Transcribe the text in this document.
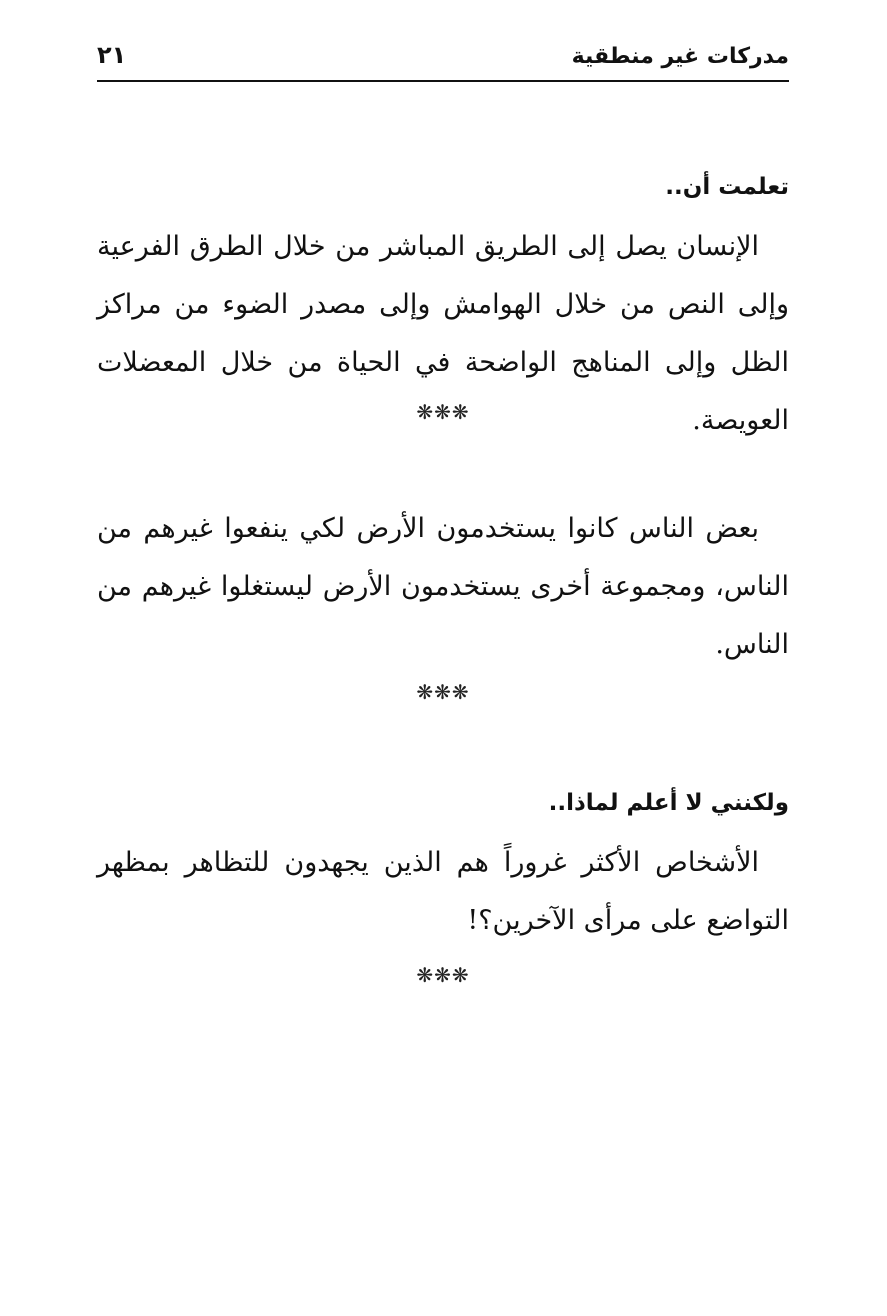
مدركات غير منطقية
٢١

تعلمت أن..

الإنسان يصل إلى الطريق المباشر من خلال الطرق الفرعية وإلى النص من خلال الهوامش وإلى مصدر الضوء من مراكز الظل وإلى المناهج الواضحة في الحياة من خلال المعضلات العويصة.

❋❋❋

بعض الناس كانوا يستخدمون الأرض لكي ينفعوا غيرهم من الناس، ومجموعة أخرى يستخدمون الأرض ليستغلوا غيرهم من الناس.

❋❋❋

ولكنني لا أعلم لماذا..

الأشخاص الأكثر غروراً هم الذين يجهدون للتظاهر بمظهر التواضع على مرأى الآخرين؟!

❋❋❋
